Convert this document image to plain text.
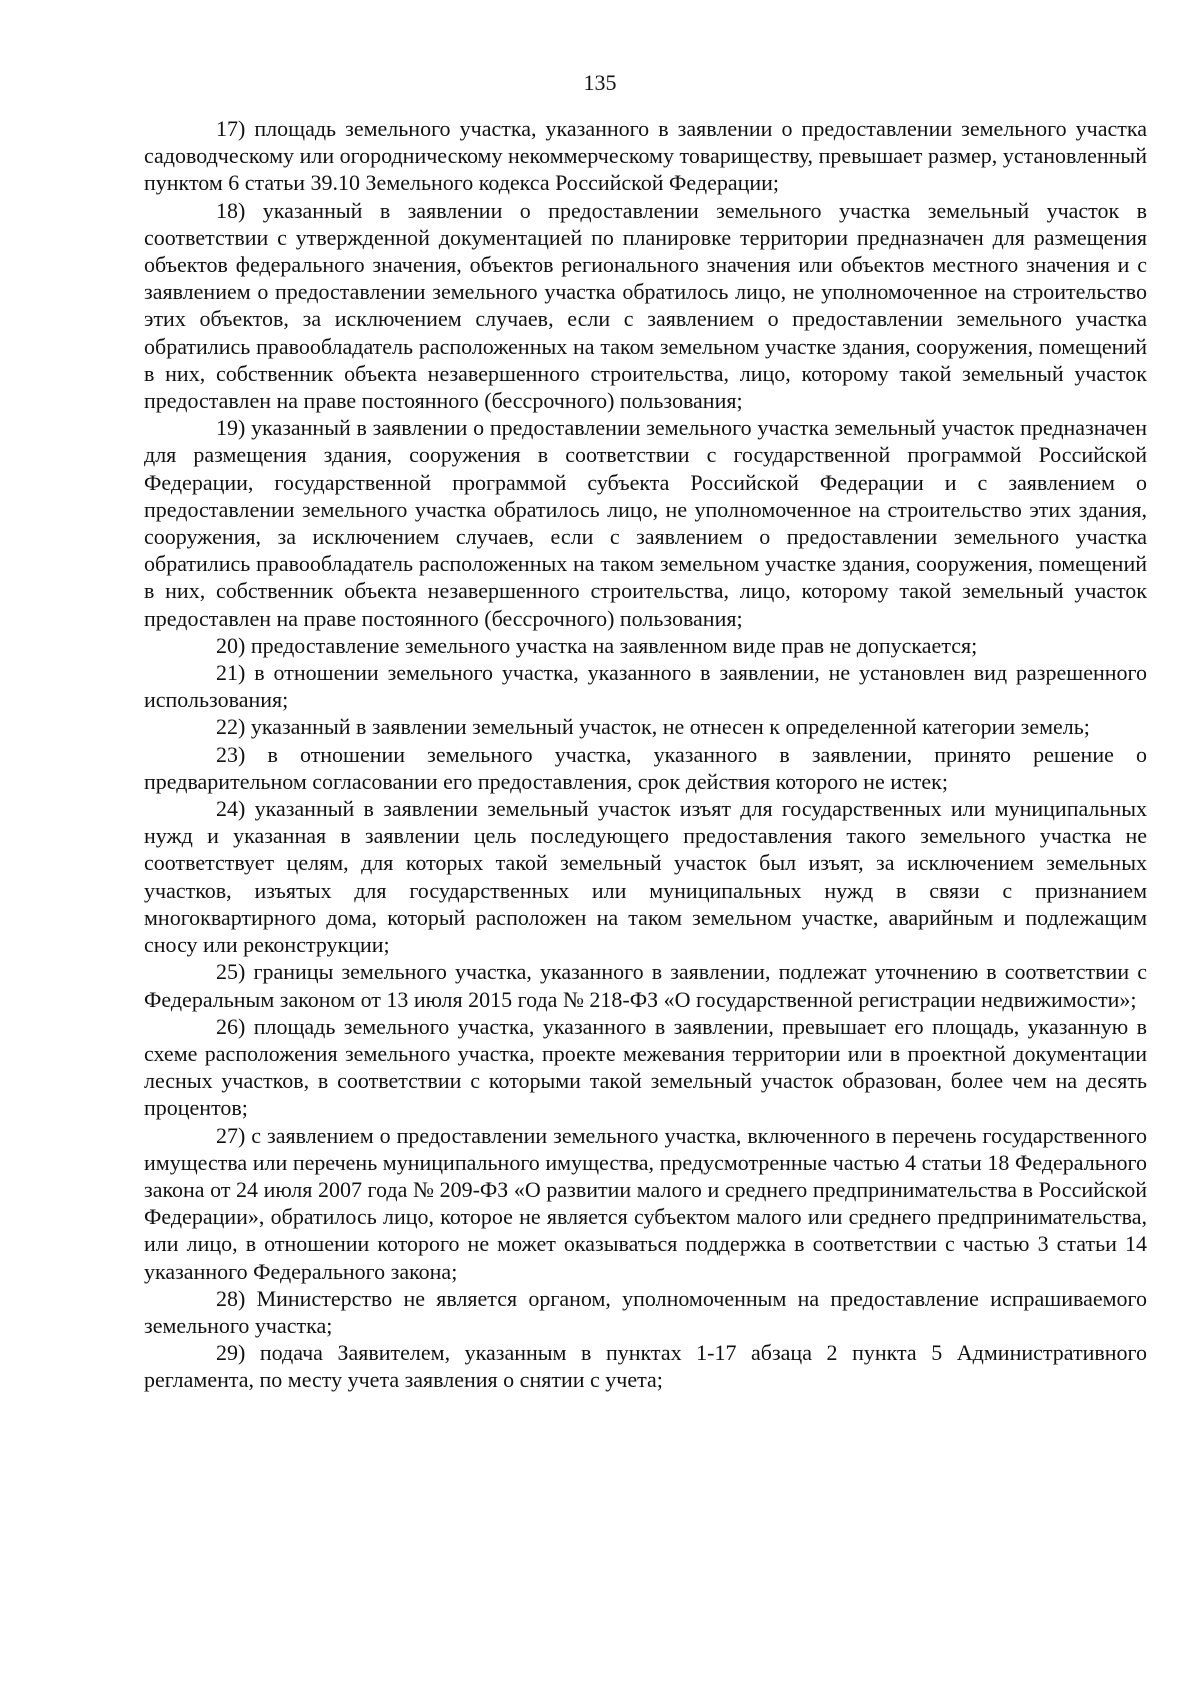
135

17) площадь земельного участка, указанного в заявлении о предоставлении земельного участка садоводческому или огородническому некоммерческому товариществу, превышает размер, установленный пунктом 6 статьи 39.10 Земельного кодекса Российской Федерации;

18) указанный в заявлении о предоставлении земельного участка земельный участок в соответствии с утвержденной документацией по планировке территории предназначен для размещения объектов федерального значения, объектов регионального значения или объектов местного значения и с заявлением о предоставлении земельного участка обратилось лицо, не уполномоченное на строительство этих объектов, за исключением случаев, если с заявлением о предоставлении земельного участка обратились правообладатель расположенных на таком земельном участке здания, сооружения, помещений в них, собственник объекта незавершенного строительства, лицо, которому такой земельный участок предоставлен на праве постоянного (бессрочного) пользования;

19) указанный в заявлении о предоставлении земельного участка земельный участок предназначен для размещения здания, сооружения в соответствии с государственной программой Российской Федерации, государственной программой субъекта Российской Федерации и с заявлением о предоставлении земельного участка обратилось лицо, не уполномоченное на строительство этих здания, сооружения, за исключением случаев, если с заявлением о предоставлении земельного участка обратились правообладатель расположенных на таком земельном участке здания, сооружения, помещений в них, собственник объекта незавершенного строительства, лицо, которому такой земельный участок предоставлен на праве постоянного (бессрочного) пользования;

20) предоставление земельного участка на заявленном виде прав не допускается;

21) в отношении земельного участка, указанного в заявлении, не установлен вид разрешенного использования;

22) указанный в заявлении земельный участок, не отнесен к определенной категории земель;

23) в отношении земельного участка, указанного в заявлении, принято решение о предварительном согласовании его предоставления, срок действия которого не истек;

24) указанный в заявлении земельный участок изъят для государственных или муниципальных нужд и указанная в заявлении цель последующего предоставления такого земельного участка не соответствует целям, для которых такой земельный участок был изъят, за исключением земельных участков, изъятых для государственных или муниципальных нужд в связи с признанием многоквартирного дома, который расположен на таком земельном участке, аварийным и подлежащим сносу или реконструкции;

25) границы земельного участка, указанного в заявлении, подлежат уточнению в соответствии с Федеральным законом от 13 июля 2015 года № 218-ФЗ «О государственной регистрации недвижимости»;

26) площадь земельного участка, указанного в заявлении, превышает его площадь, указанную в схеме расположения земельного участка, проекте межевания территории или в проектной документации лесных участков, в соответствии с которыми такой земельный участок образован, более чем на десять процентов;

27) с заявлением о предоставлении земельного участка, включенного в перечень государственного имущества или перечень муниципального имущества, предусмотренные частью 4 статьи 18 Федерального закона от 24 июля 2007 года № 209-ФЗ «О развитии малого и среднего предпринимательства в Российской Федерации», обратилось лицо, которое не является субъектом малого или среднего предпринимательства, или лицо, в отношении которого не может оказываться поддержка в соответствии с частью 3 статьи 14 указанного Федерального закона;

28) Министерство не является органом, уполномоченным на предоставление испрашиваемого земельного участка;

29) подача Заявителем, указанным в пунктах 1-17 абзаца 2 пункта 5 Административного регламента, по месту учета заявления о снятии с учета;
